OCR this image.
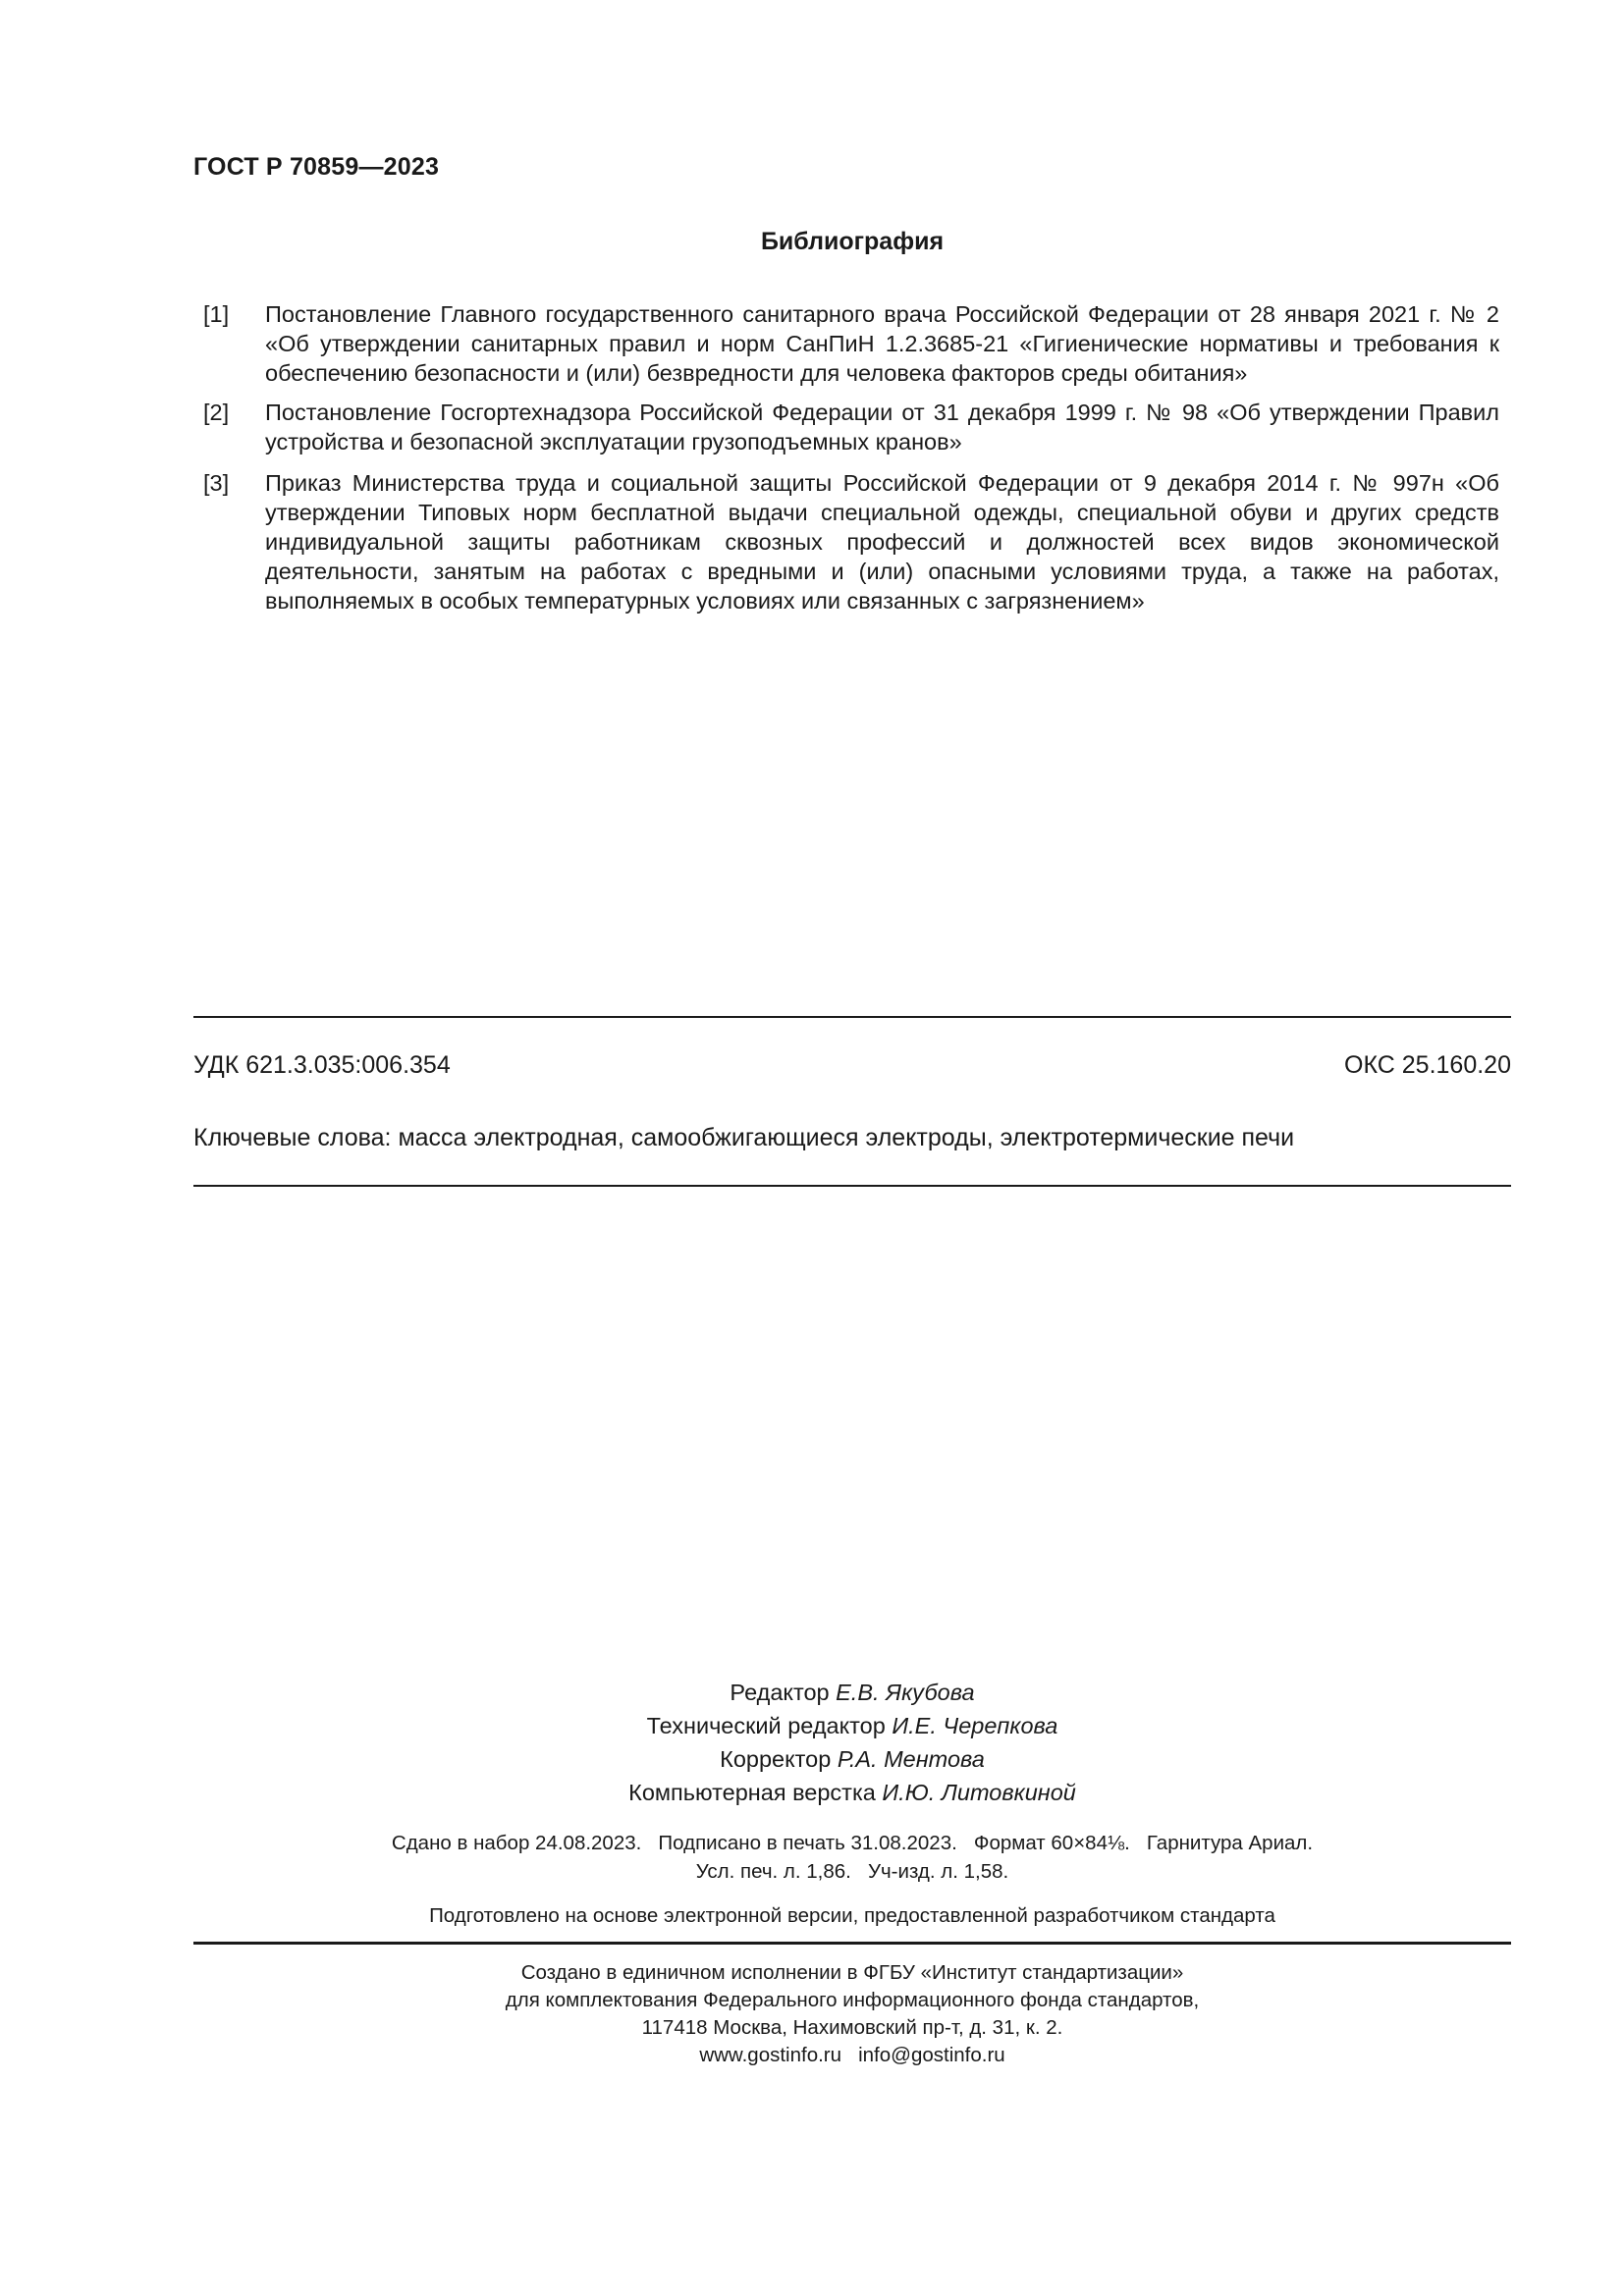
ГОСТ Р 70859—2023
Библиография
[1]	Постановление Главного государственного санитарного врача Российской Федерации от 28 января 2021 г. № 2 «Об утверждении санитарных правил и норм СанПиН 1.2.3685-21 «Гигиенические нормативы и требования к обеспечению безопасности и (или) безвредности для человека факторов среды обитания»
[2]	Постановление Госгортехнадзора Российской Федерации от 31 декабря 1999 г. № 98 «Об утверждении Правил устройства и безопасной эксплуатации грузоподъемных кранов»
[3]	Приказ Министерства труда и социальной защиты Российской Федерации от 9 декабря 2014 г. № 997н «Об утверждении Типовых норм бесплатной выдачи специальной одежды, специальной обуви и других средств индивидуальной защиты работникам сквозных профессий и должностей всех видов экономической деятельности, занятым на работах с вредными и (или) опасными условиями труда, а также на работах, выполняемых в особых температурных условиях или связанных с загрязнением»
УДК 621.3.035:006.354	ОКС 25.160.20
Ключевые слова: масса электродная, самообжигающиеся электроды, электротермические печи
Редактор Е.В. Якубова
Технический редактор И.Е. Черепкова
Корректор Р.А. Ментова
Компьютерная верстка И.Ю. Литовкиной
Сдано в набор 24.08.2023.   Подписано в печать 31.08.2023.   Формат 60×84⅛.   Гарнитура Ариал.
Усл. печ. л. 1,86.   Уч-изд. л. 1,58.
Подготовлено на основе электронной версии, предоставленной разработчиком стандарта
Создано в единичном исполнении в ФГБУ «Институт стандартизации»
для комплектования Федерального информационного фонда стандартов,
117418 Москва, Нахимовский пр-т, д. 31, к. 2.
www.gostinfo.ru   info@gostinfo.ru
